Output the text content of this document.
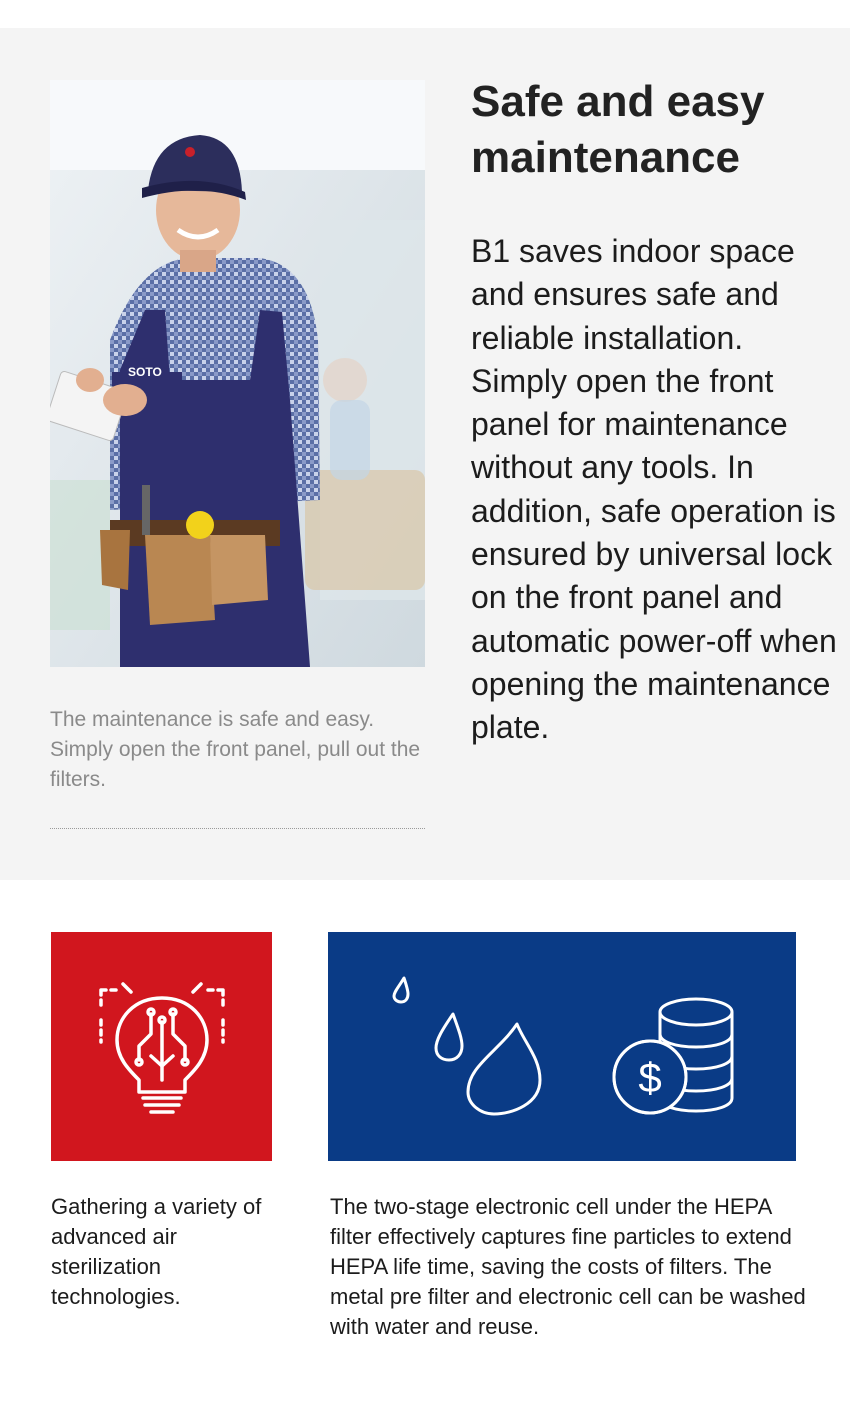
SOTO

The maintenance is safe and easy. Simply open the front panel, pull out the filters.

Safe and easy maintenance

B1 saves indoor space and ensures safe and reliable installation. Simply open the front panel for maintenance without any tools. In addition, safe operation is ensured by universal lock on the front panel and automatic power-off when opening the maintenance plate.

$

Gathering a variety of advanced air sterilization technologies.

The two-stage electronic cell under the HEPA filter effectively captures fine particles to extend HEPA life time, saving the costs of filters. The metal pre filter and electronic cell can be washed with water and reuse.
